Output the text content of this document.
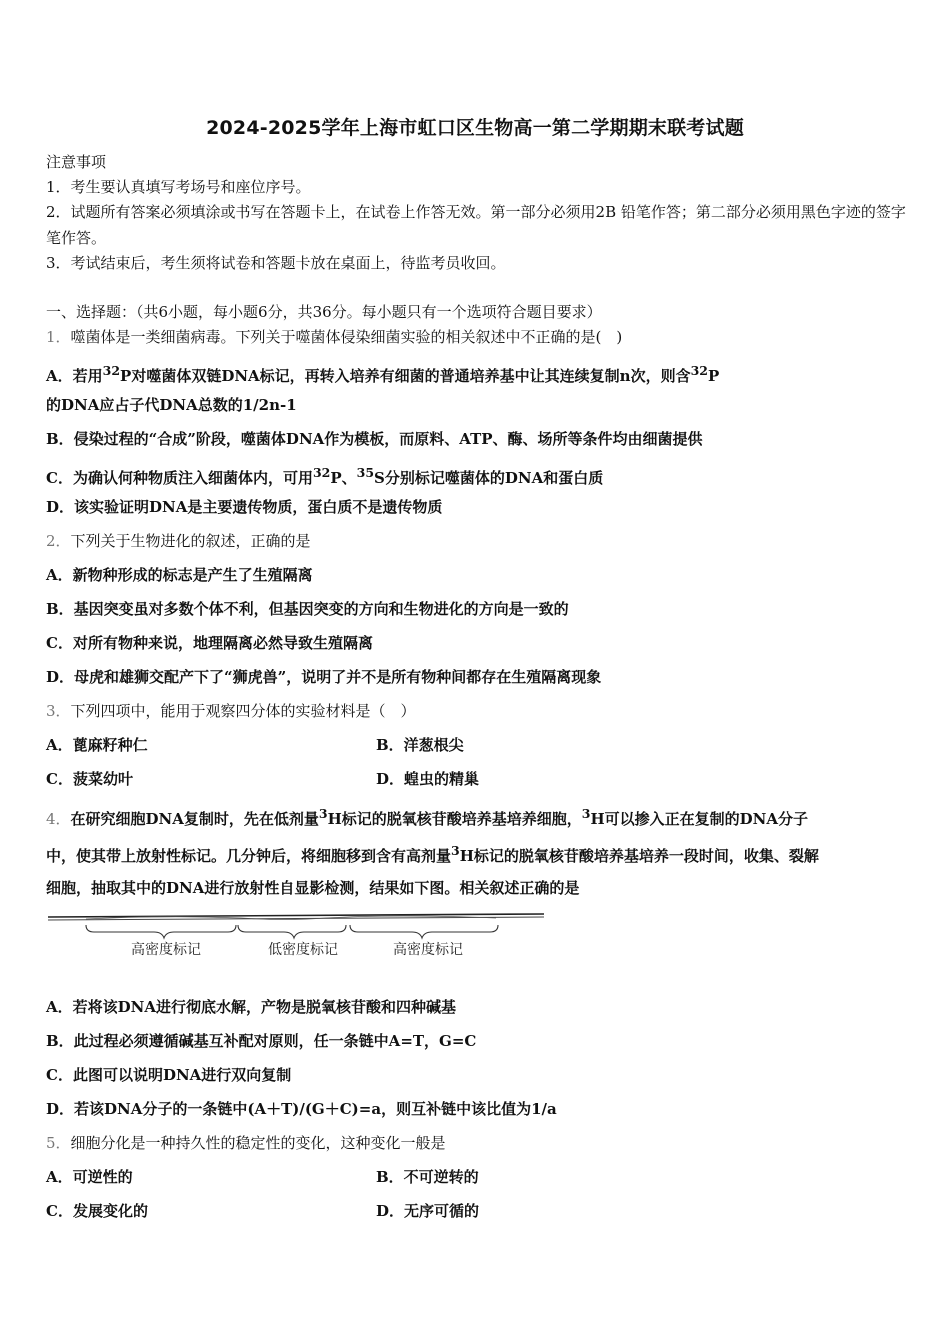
2024-2025学年上海市虹口区生物高一第二学期期末联考试题
注意事项
1．考生要认真填写考场号和座位序号。
2．试题所有答案必须填涂或书写在答题卡上，在试卷上作答无效。第一部分必须用2B 铅笔作答；第二部分必须用黑色字迹的签字笔作答。
3．考试结束后，考生须将试卷和答题卡放在桌面上，待监考员收回。
一、选择题：（共6小题，每小题6分，共36分。每小题只有一个选项符合题目要求）
1．噬菌体是一类细菌病毒。下列关于噬菌体侵染细菌实验的相关叙述中不正确的是(　)
A．若用$^{32}$P对噬菌体双链DNA标记，再转入培养有细菌的普通培养基中让其连续复制n次，则含$^{32}$P
的DNA应占子代DNA总数的1/2n-1
B．侵染过程的“合成”阶段，噬菌体DNA作为模板，而原料、ATP、酶、场所等条件均由细菌提供
C．为确认何种物质注入细菌体内，可用$^{32}$P、$^{35}$S分别标记噬菌体的DNA和蛋白质
D．该实验证明DNA是主要遗传物质，蛋白质不是遗传物质
2．下列关于生物进化的叙述，正确的是
A．新物种形成的标志是产生了生殖隔离
B．基因突变虽对多数个体不利，但基因突变的方向和生物进化的方向是一致的
C．对所有物种来说，地理隔离必然导致生殖隔离
D．母虎和雄狮交配产下了“狮虎兽”，说明了并不是所有物种间都存在生殖隔离现象
3．下列四项中，能用于观察四分体的实验材料是（　）
A．蓖麻籽种仁	B．洋葱根尖
C．菠菜幼叶	D．蝗虫的精巢
4．在研究细胞DNA复制时，先在低剂量$^3$H标记的脱氧核苷酸培养基培养细胞，$^3$H可以掺入正在复制的DNA分子
中，使其带上放射性标记。几分钟后，将细胞移到含有高剂量$^3$H标记的脱氧核苷酸培养基培养一段时间，收集、裂解
细胞，抽取其中的DNA进行放射性自显影检测，结果如下图。相关叙述正确的是
高密度标记	低密度标记	高密度标记
A．若将该DNA进行彻底水解，产物是脱氧核苷酸和四种碱基
B．此过程必须遵循碱基互补配对原则，任一条链中A=T，G=C
C．此图可以说明DNA进行双向复制
D．若该DNA分子的一条链中(A＋T)/(G＋C)=a，则互补链中该比值为1/a
5．细胞分化是一种持久性的稳定性的变化，这种变化一般是
A．可逆性的	B．不可逆转的
C．发展变化的	D．无序可循的
